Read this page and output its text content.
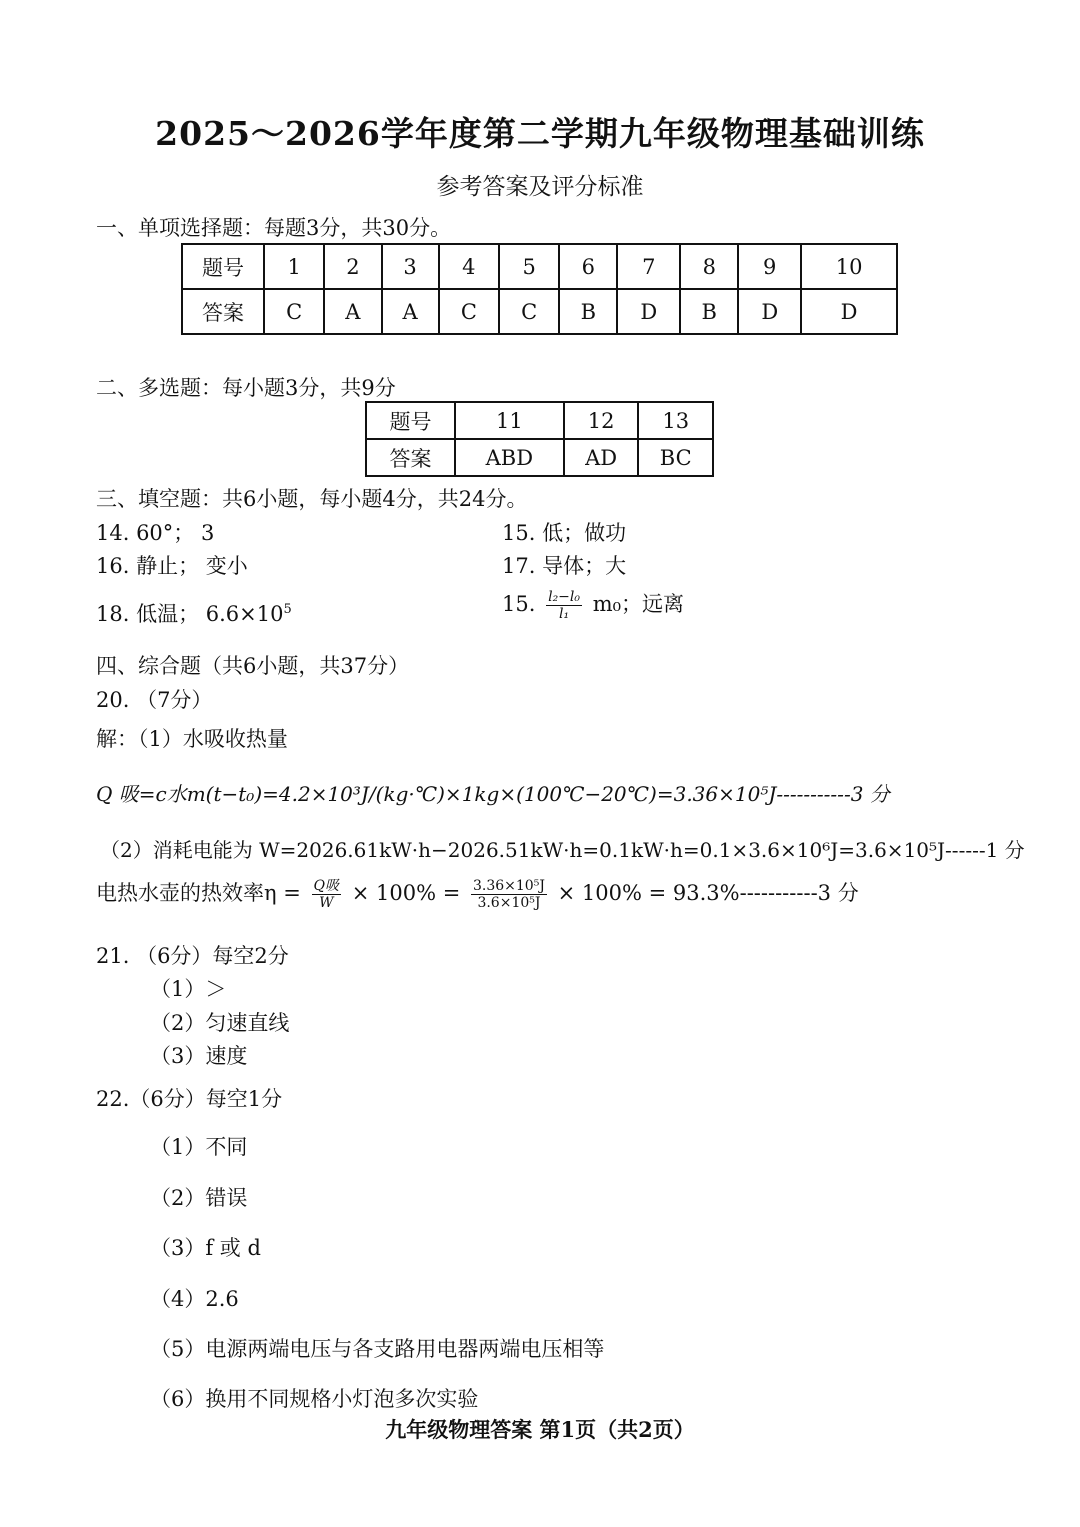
2025～2026学年度第二学期九年级物理基础训练
参考答案及评分标准
一、单项选择题：每题3分，共30分。
题号	1	2	3	4	5	6	7	8	9	10
答案	C	A	A	C	C	B	D	B	D	D
二、多选题：每小题3分，共9分
题号	11	12	13
答案	ABD	AD	BC
三、填空题：共6小题，每小题4分，共24分。
14. 60°； 3	15. 低；做功
16. 静止； 变小	17. 导体；大
18. 低温； $6.6\times 10^5$	15. $\frac{\text{l₂−l₀}}{\text{l₁}} m_0$；远离
四、综合题（共6小题，共37分）
20. （7分）
解：（1）水吸收热量
Q 吸=c水m(t−t₀)=4.2×10³J/(kg·℃)×1kg×(100℃−20℃)=3.36×10⁵J-----------3 分
（2）消耗电能为 W=2026.61kW·h−2026.51kW·h=0.1kW·h=0.1×3.6×10⁶J=3.6×10⁵J------1 分
电热水壶的热效率$\eta = \frac{\text{Q吸}}{W} \times 100\% = \frac{\text{3.36×10⁵J}}{\text{3.6×10⁵J}} \times 100\% = 93.3\%-----------3$ 分
21. （6分）每空2分
（1）＞
（2）匀速直线
（3）速度
22.（6分）每空1分
（1）不同
（2）错误
（3）f 或 d
（4）2.6
（5）电源两端电压与各支路用电器两端电压相等
（6）换用不同规格小灯泡多次实验
九年级物理答案 第1页（共2页）
